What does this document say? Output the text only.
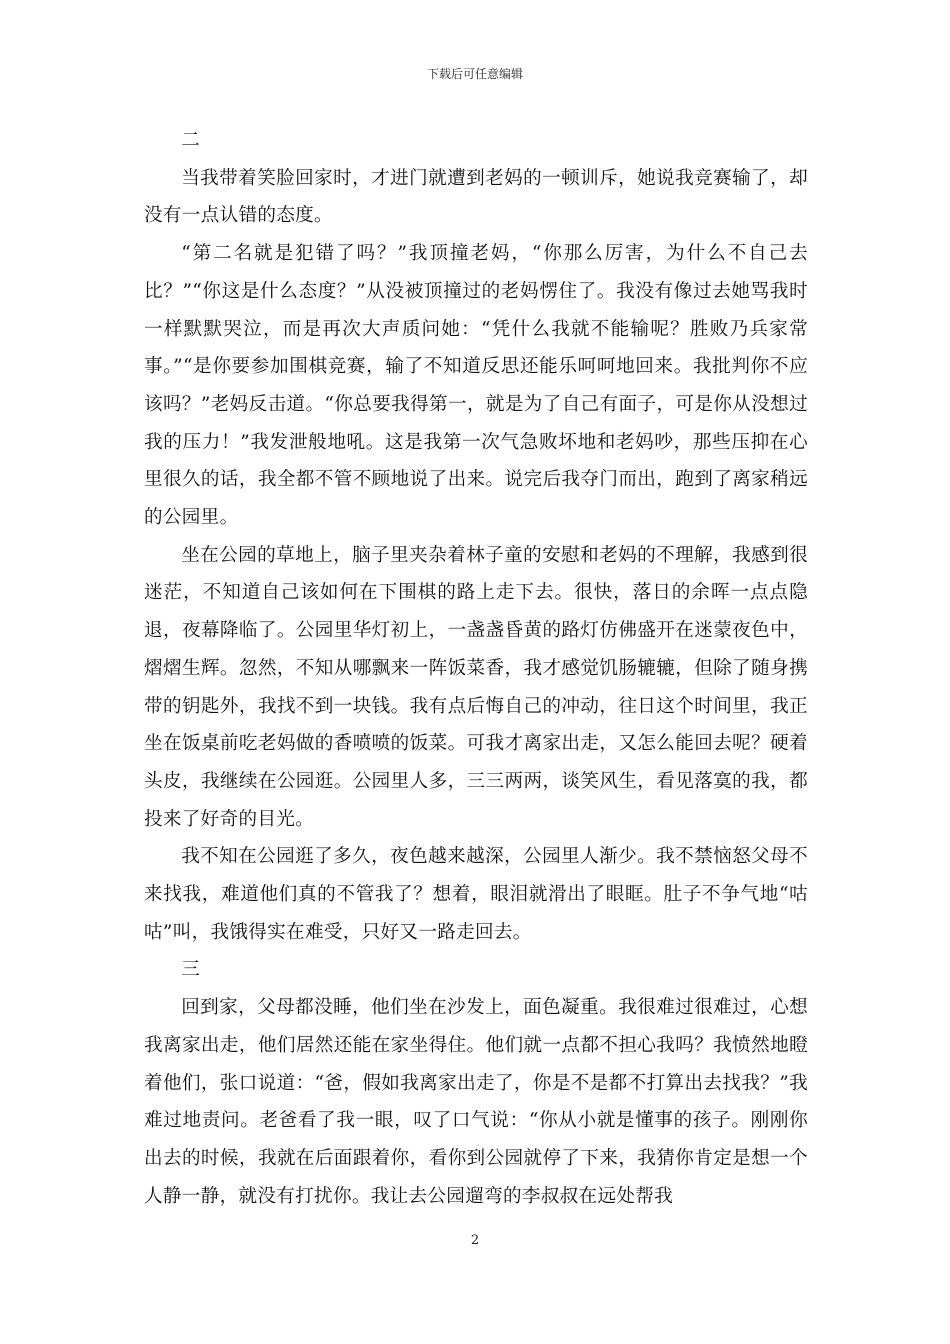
下载后可任意编辑

二

当我带着笑脸回家时，才进门就遭到老妈的一顿训斥，她说我竞赛输了，却没有一点认错的态度。

“第二名就是犯错了吗？”我顶撞老妈，“你那么厉害，为什么不自己去比？”“你这是什么态度？”从没被顶撞过的老妈愣住了。我没有像过去她骂我时一样默默哭泣，而是再次大声质问她：“凭什么我就不能输呢？胜败乃兵家常事。”“是你要参加围棋竞赛，输了不知道反思还能乐呵呵地回来。我批判你不应该吗？”老妈反击道。“你总要我得第一，就是为了自己有面子，可是你从没想过我的压力！”我发泄般地吼。这是我第一次气急败坏地和老妈吵，那些压抑在心里很久的话，我全都不管不顾地说了出来。说完后我夺门而出，跑到了离家稍远的公园里。

坐在公园的草地上，脑子里夹杂着林子童的安慰和老妈的不理解，我感到很迷茫，不知道自己该如何在下围棋的路上走下去。很快，落日的余晖一点点隐退，夜幕降临了。公园里华灯初上，一盏盏昏黄的路灯仿佛盛开在迷蒙夜色中，熠熠生辉。忽然，不知从哪飘来一阵饭菜香，我才感觉饥肠辘辘，但除了随身携带的钥匙外，我找不到一块钱。我有点后悔自己的冲动，往日这个时间里，我正坐在饭桌前吃老妈做的香喷喷的饭菜。可我才离家出走，又怎么能回去呢？硬着头皮，我继续在公园逛。公园里人多，三三两两，谈笑风生，看见落寞的我，都投来了好奇的目光。

我不知在公园逛了多久，夜色越来越深，公园里人渐少。我不禁恼怒父母不来找我，难道他们真的不管我了？想着，眼泪就滑出了眼眶。肚子不争气地“咕咕”叫，我饿得实在难受，只好又一路走回去。

三

回到家，父母都没睡，他们坐在沙发上，面色凝重。我很难过很难过，心想我离家出走，他们居然还能在家坐得住。他们就一点都不担心我吗？我愤然地瞪着他们，张口说道：“爸，假如我离家出走了，你是不是都不打算出去找我？”我难过地责问。老爸看了我一眼，叹了口气说：“你从小就是懂事的孩子。刚刚你出去的时候，我就在后面跟着你，看你到公园就停了下来，我猜你肯定是想一个人静一静，就没有打扰你。我让去公园遛弯的李叔叔在远处帮我

2
